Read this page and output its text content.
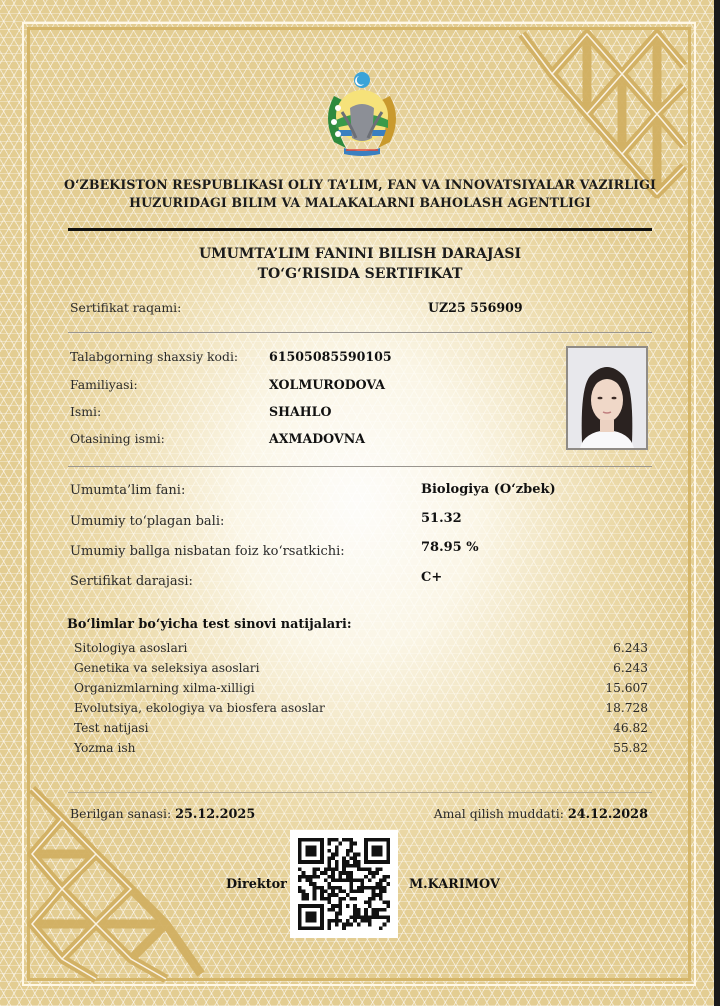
O‘ZBEKISTON RESPUBLIKASI OLIY TA’LIM, FAN VA INNOVATSIYALAR VAZIRLIGI
HUZURIDAGI BILIM VA MALAKALARNI BAHOLASH AGENTLIGI
UMUMTA’LIM FANINI BILISH DARAJASI
TO‘G‘RISIDA SERTIFIKAT
Sertifikat raqami:	UZ25 556909
Talabgorning shaxsiy kodi: 61505085590105
Familiyasi:	XOLMURODOVA
Ismi:	SHAHLO
Otasining ismi:	AXMADOVNA
Umumta’lim fani:	Biologiya (O‘zbek)
Umumiy to‘plagan bali:	51.32
Umumiy ballga nisbatan foiz ko‘rsatkichi:	78.95 %
Sertifikat darajasi:	C+
Bo‘limlar bo‘yicha test sinovi natijalari:
Sitologiya asoslari	6.243
Genetika va seleksiya asoslari	6.243
Organizmlarning xilma-xilligi	15.607
Evolutsiya, ekologiya va biosfera asoslar	18.728
Test natijasi	46.82
Yozma ish	55.82
Berilgan sanasi: 25.12.2025	Amal qilish muddati: 24.12.2028
Direktor	M.KARIMOV
